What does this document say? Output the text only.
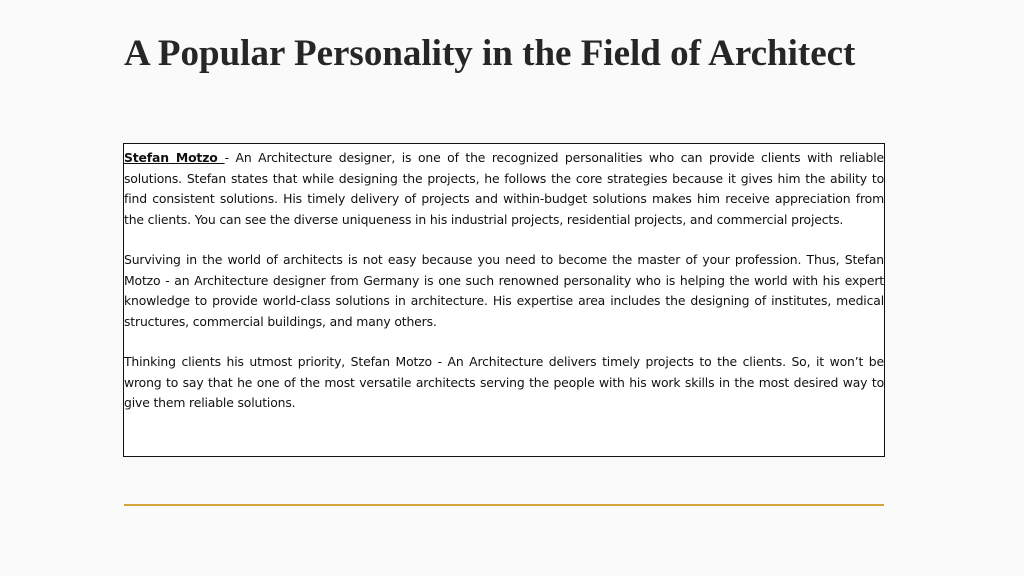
A Popular Personality in the Field of Architect

Stefan Motzo - An Architecture designer, is one of the recognized personalities who can provide clients with reliable solutions. Stefan states that while designing the projects, he follows the core strategies because it gives him the ability to find consistent solutions. His timely delivery of projects and within-budget solutions makes him receive appreciation from the clients. You can see the diverse uniqueness in his industrial projects, residential projects, and commercial projects.

Surviving in the world of architects is not easy because you need to become the master of your profession. Thus, Stefan Motzo - an Architecture designer from Germany is one such renowned personality who is helping the world with his expert knowledge to provide world-class solutions in architecture. His expertise area includes the designing of institutes, medical structures, commercial buildings, and many others.

Thinking clients his utmost priority, Stefan Motzo - An Architecture delivers timely projects to the clients. So, it won’t be wrong to say that he one of the most versatile architects serving the people with his work skills in the most desired way to give them reliable solutions.
